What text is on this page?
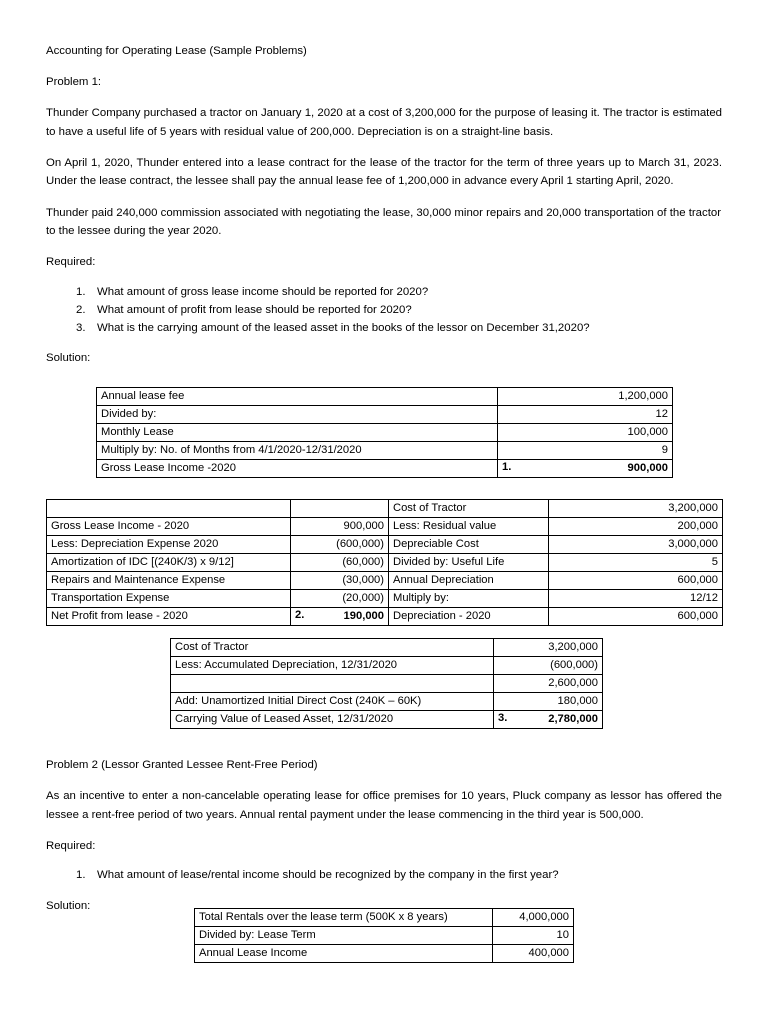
Accounting for Operating Lease (Sample Problems)

Problem 1:

Thunder Company purchased a tractor on January 1, 2020 at a cost of 3,200,000 for the purpose of leasing it. The tractor is estimated to have a useful life of 5 years with residual value of 200,000. Depreciation is on a straight-line basis.

On April 1, 2020, Thunder entered into a lease contract for the lease of the tractor for the term of three years up to March 31, 2023. Under the lease contract, the lessee shall pay the annual lease fee of 1,200,000 in advance every April 1 starting April, 2020.

Thunder paid 240,000 commission associated with negotiating the lease, 30,000 minor repairs and 20,000 transportation of the tractor to the lessee during the year 2020.

Required:

What amount of gross lease income should be reported for 2020?
What amount of profit from lease should be reported for 2020?
What is the carrying amount of the leased asset in the books of the lessor on December 31,2020?

Solution:

Annual lease fee	1,200,000
Divided by:	12
Monthly Lease	100,000
Multiply by: No. of Months from 4/1/2020-12/31/2020	9
Gross Lease Income -2020	1. 900,000
		Cost of Tractor	3,200,000
Gross Lease Income - 2020	900,000	Less: Residual value	200,000
Less: Depreciation Expense 2020	(600,000)	Depreciable Cost	3,000,000
Amortization of IDC [(240K/3) x 9/12]	(60,000)	Divided by: Useful Life	5
Repairs and Maintenance Expense	(30,000)	Annual Depreciation	600,000
Transportation Expense	(20,000)	Multiply by:	12/12
Net Profit from lease - 2020	2. 190,000	Depreciation - 2020	600,000
Cost of Tractor	3,200,000
Less: Accumulated Depreciation, 12/31/2020	(600,000)
	2,600,000
Add: Unamortized Initial Direct Cost (240K – 60K)	180,000
Carrying Value of Leased Asset, 12/31/2020	3. 2,780,000

Problem 2 (Lessor Granted Lessee Rent-Free Period)

As an incentive to enter a non-cancelable operating lease for office premises for 10 years, Pluck company as lessor has offered the lessee a rent-free period of two years. Annual rental payment under the lease commencing in the third year is 500,000.

Required:

What amount of lease/rental income should be recognized by the company in the first year?

Solution:

Total Rentals over the lease term (500K x 8 years)	4,000,000
Divided by: Lease Term	10
Annual Lease Income	400,000
